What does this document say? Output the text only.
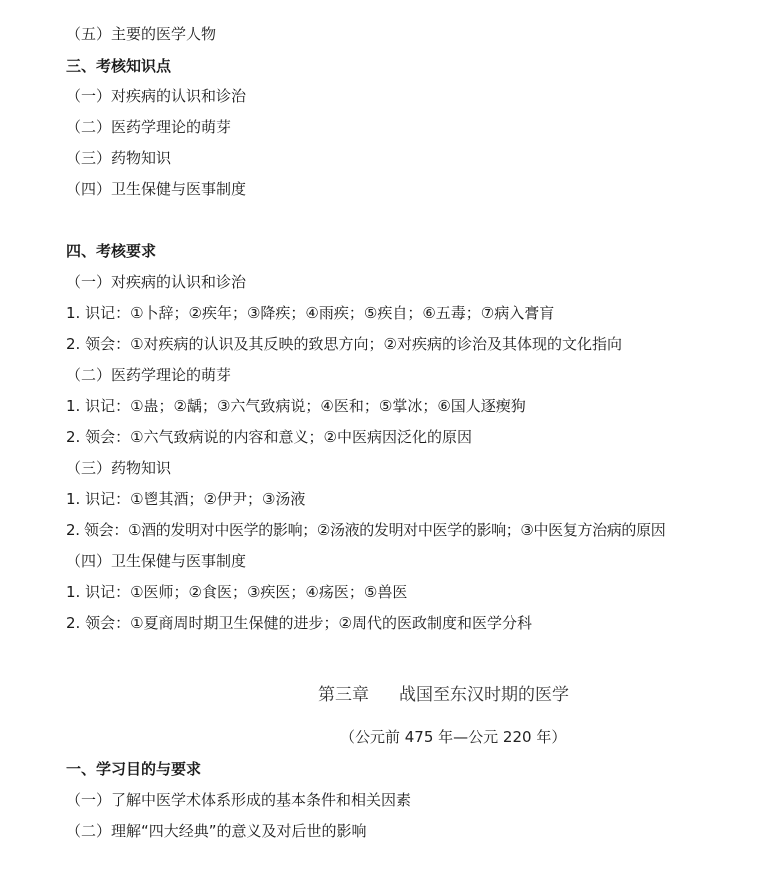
（五）主要的医学人物
三、考核知识点
（一）对疾病的认识和诊治
（二）医药学理论的萌芽
（三）药物知识
（四）卫生保健与医事制度
四、考核要求
（一）对疾病的认识和诊治
1. 识记：①卜辞；②疾年；③降疾；④雨疾；⑤疾自；⑥五毒；⑦病入膏肓
2. 领会：①对疾病的认识及其反映的致思方向；②对疾病的诊治及其体现的文化指向
（二）医药学理论的萌芽
1. 识记：①蛊；②龋；③六气致病说；④医和；⑤掌冰；⑥国人逐瘈狗
2. 领会：①六气致病说的内容和意义；②中医病因泛化的原因
（三）药物知识
1. 识记：①鬯其酒；②伊尹；③汤液
2. 领会：①酒的发明对中医学的影响；②汤液的发明对中医学的影响；③中医复方治病的原因
（四）卫生保健与医事制度
1. 识记：①医师；②食医；③疾医；④疡医；⑤兽医
2. 领会：①夏商周时期卫生保健的进步；②周代的医政制度和医学分科
第三章 战国至东汉时期的医学
（公元前 475 年—公元 220 年）
一、学习目的与要求
（一）了解中医学术体系形成的基本条件和相关因素
（二）理解“四大经典”的意义及对后世的影响
